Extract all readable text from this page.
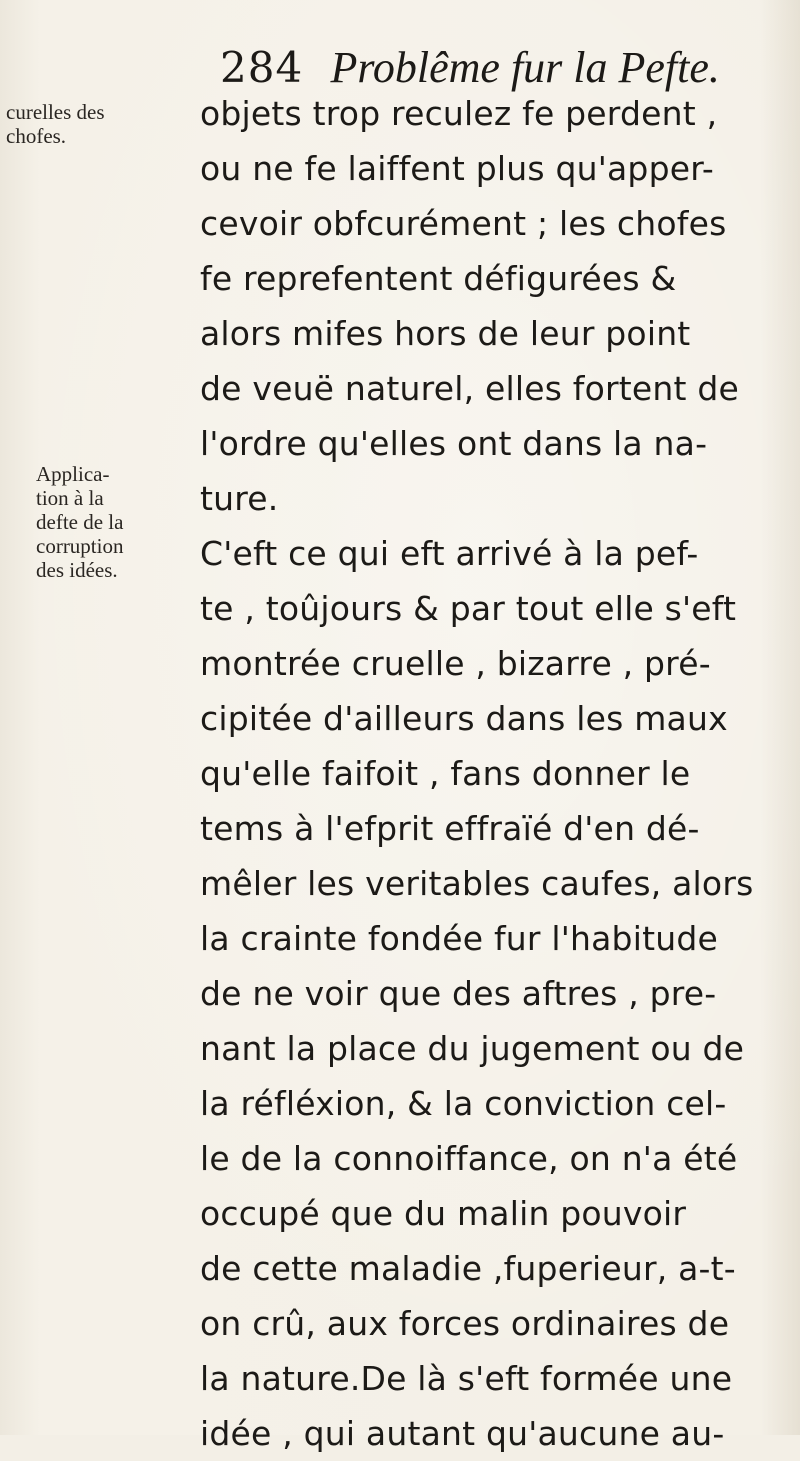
284 Problême fur la Pefte.
curelles des
chofes.
Applica-
tion à la
defte de la
corruption
des idées.
objets trop reculez fe perdent ,
ou ne fe laiffent plus qu'apper-
cevoir obfcurément ; les chofes
fe reprefentent défigurées &
alors mifes hors de leur point
de veuë naturel, elles fortent de
l'ordre qu'elles ont dans la na-
ture.
C'eft ce qui eft arrivé à la pef-
te , toûjours & par tout elle s'eft
montrée cruelle , bizarre , pré-
cipitée d'ailleurs dans les maux
qu'elle faifoit , fans donner le
tems à l'efprit effraïé d'en dé-
mêler les veritables caufes, alors
la crainte fondée fur l'habitude
de ne voir que des aftres , pre-
nant la place du jugement ou de
la réfléxion, & la conviction cel-
le de la connoiffance, on n'a été
occupé que du malin pouvoir
de cette maladie ,fuperieur, a-t-
on crû, aux forces ordinaires de
la nature.De là s'eft formée une
idée , qui autant qu'aucune au-
